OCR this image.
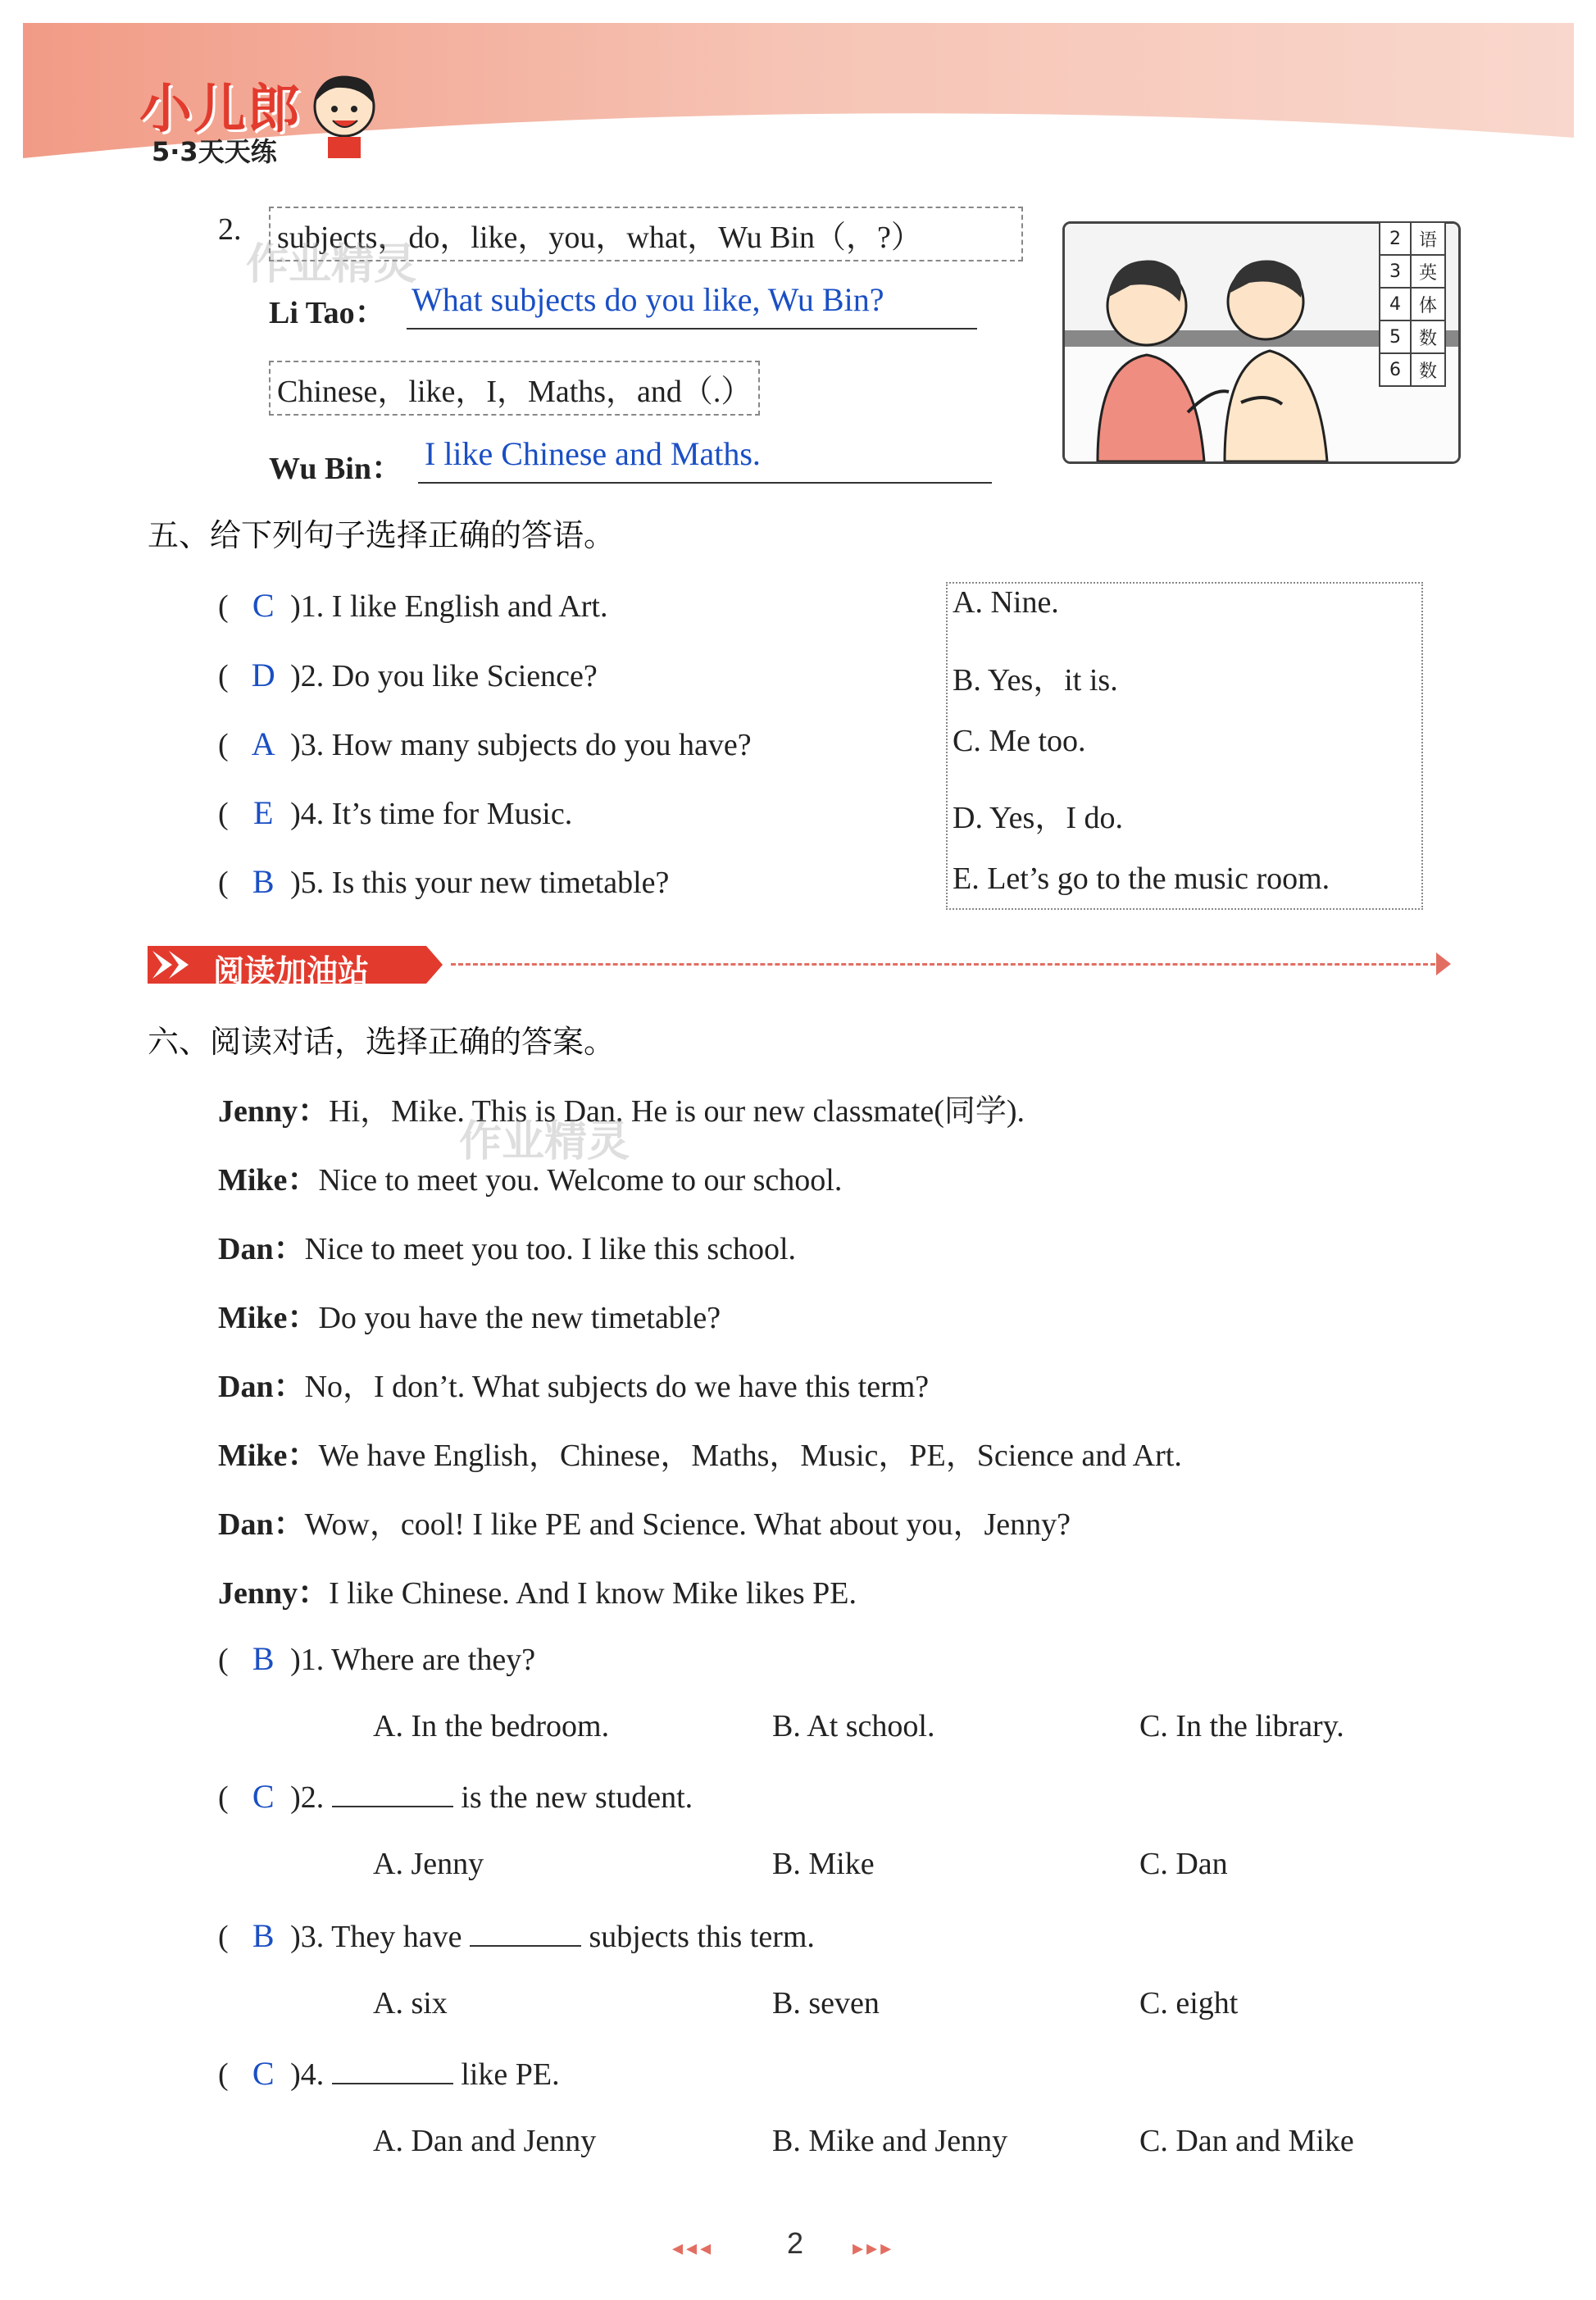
小儿郎
5·3天天练
2. subjects，do，like，you，what，Wu Bin（，?）
作业精灵
Li Tao： What subjects do you like, Wu Bin?
Chinese，like，I，Maths，and（.）
Wu Bin： I like Chinese and Maths.
2	语
3	英
4	体
5	数
6	数
五、给下列句子选择正确的答语。
( C )1. I like English and Art.
( D )2. Do you like Science?
( A )3. How many subjects do you have?
( E )4. It’s time for Music.
( B )5. Is this your new timetable?
A. Nine.
B. Yes，it is.
C. Me too.
D. Yes，I do.
E. Let’s go to the music room.
阅读加油站
六、阅读对话，选择正确的答案。
Jenny：Hi，Mike. This is Dan. He is our new classmate(同学).
作业精灵
Mike：Nice to meet you. Welcome to our school.
Dan：Nice to meet you too. I like this school.
Mike：Do you have the new timetable?
Dan：No，I don’t. What subjects do we have this term?
Mike：We have English，Chinese，Maths，Music，PE，Science and Art.
Dan：Wow，cool! I like PE and Science. What about you，Jenny?
Jenny：I like Chinese. And I know Mike likes PE.
( B )1. Where are they?
A. In the bedroom.	B. At school.	C. In the library.
( C )2.	is the new student.
A. Jenny	B. Mike	C. Dan
( B )3. They have	subjects this term.
A. six	B. seven	C. eight
( C )4.	like PE.
A. Dan and Jenny	B. Mike and Jenny	C. Dan and Mike
◂◂◂ 2 ▸▸▸
